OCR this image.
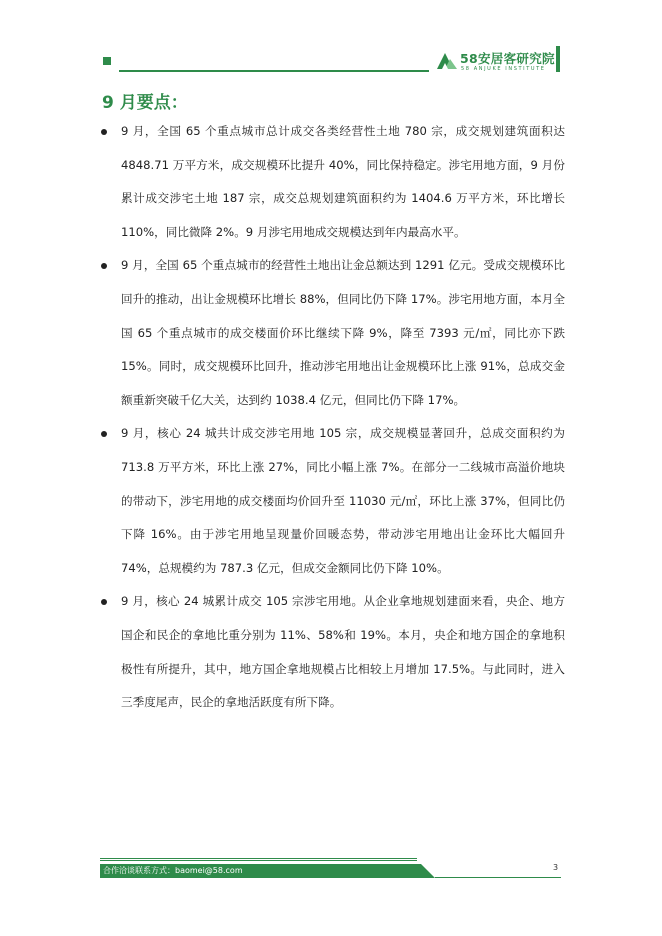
58安居客研究院
58 ANJUKE INSTITUTE
9 月要点：
9 月，全国 65 个重点城市总计成交各类经营性土地 780 宗，成交规划建筑面积达 4848.71 万平方米，成交规模环比提升 40%，同比保持稳定。涉宅用地方面，9 月份累计成交涉宅土地 187 宗，成交总规划建筑面积约为 1404.6 万平方米，环比增长 110%，同比微降 2%。9 月涉宅用地成交规模达到年内最高水平。
9 月，全国 65 个重点城市的经营性土地出让金总额达到 1291 亿元。受成交规模环比回升的推动，出让金规模环比增长 88%，但同比仍下降 17%。涉宅用地方面，本月全国 65 个重点城市的成交楼面价环比继续下降 9%，降至 7393 元/㎡，同比亦下跌 15%。同时，成交规模环比回升，推动涉宅用地出让金规模环比上涨 91%，总成交金额重新突破千亿大关，达到约 1038.4 亿元，但同比仍下降 17%。
9 月，核心 24 城共计成交涉宅用地 105 宗，成交规模显著回升，总成交面积约为 713.8 万平方米，环比上涨 27%，同比小幅上涨 7%。在部分一二线城市高溢价地块的带动下，涉宅用地的成交楼面均价回升至 11030 元/㎡，环比上涨 37%，但同比仍下降 16%。由于涉宅用地呈现量价回暖态势，带动涉宅用地出让金环比大幅回升 74%，总规模约为 787.3 亿元，但成交金额同比仍下降 10%。
9 月，核心 24 城累计成交 105 宗涉宅用地。从企业拿地规划建面来看，央企、地方国企和民企的拿地比重分别为 11%、58%和 19%。本月，央企和地方国企的拿地积极性有所提升，其中，地方国企拿地规模占比相较上月增加 17.5%。与此同时，进入三季度尾声，民企的拿地活跃度有所下降。
合作洽谈联系方式：baomei@58.com	3
